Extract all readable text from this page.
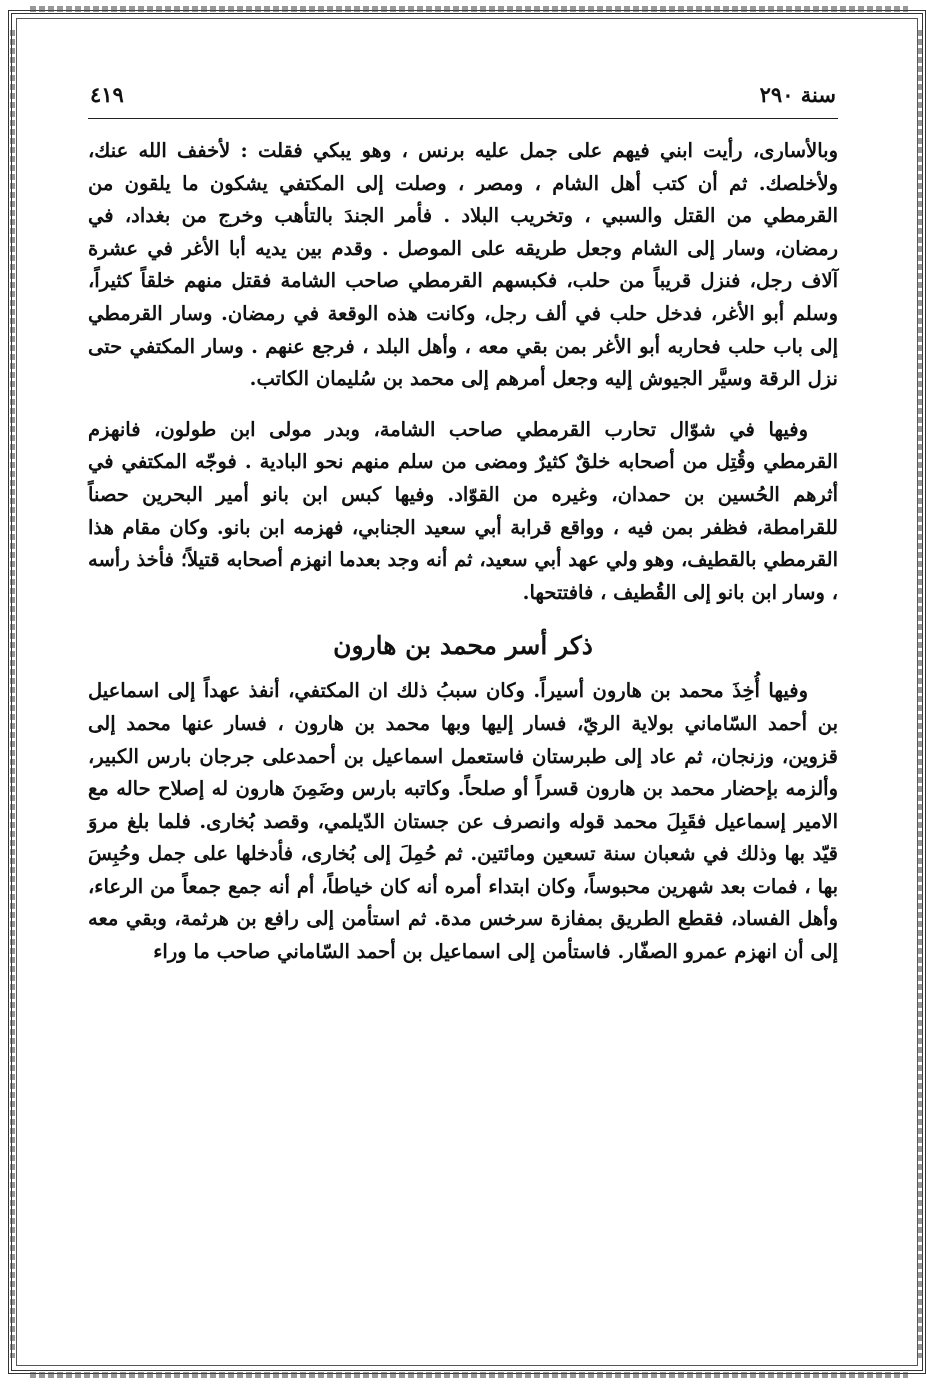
سنة ٢٩٠
٤١٩

وبالأسارى، رأيت ابني فيهم على جمل عليه برنس ، وهو يبكي فقلت : لأخفف الله عنك، ولأخلصك. ثم أن كتب أهل الشام ، ومصر ، وصلت إلى المكتفي يشكون ما يلقون من القرمطي من القتل والسبي ، وتخريب البلاد . فأمر الجندَ بالتأهب وخرج من بغداد، في رمضان، وسار إلى الشام وجعل طريقه على الموصل . وقدم بين يديه أبا الأغر في عشرة آلاف رجل، فنزل قريباً من حلب، فكبسهم القرمطي صاحب الشامة فقتل منهم خلقاً كثيراً، وسلم أبو الأغر، فدخل حلب في ألف رجل، وكانت هذه الوقعة في رمضان. وسار القرمطي إلى باب حلب فحاربه أبو الأغر بمن بقي معه ، وأهل البلد ، فرجع عنهم . وسار المكتفي حتى نزل الرقة وسيَّر الجيوش إليه وجعل أمرهم إلى محمد بن سُليمان الكاتب.

وفيها في شوّال تحارب القرمطي صاحب الشامة، وبدر مولى ابن طولون، فانهزم القرمطي وقُتِل من أصحابه خلقٌ كثيرٌ ومضى من سلم منهم نحو البادية . فوجّه المكتفي في أثرهم الحُسين بن حمدان، وغيره من القوّاد. وفيها كبس ابن بانو أمير البحرين حصناً للقرامطة، فظفر بمن فيه ، وواقع قرابة أبي سعيد الجنابي، فهزمه ابن بانو. وكان مقام هذا القرمطي بالقطيف، وهو ولي عهد أبي سعيد، ثم أنه وجد بعدما انهزم أصحابه قتيلاً؛ فأخذ رأسه ، وسار ابن بانو إلى القُطيف ، فافتتحها.

ذكر أسر محمد بن هارون

وفيها أُخِذَ محمد بن هارون أسيراً. وكان سببُ ذلك ان المكتفي، أنفذ عهداً إلى اسماعيل بن أحمد السّاماني بولاية الريّ، فسار إليها وبها محمد بن هارون ، فسار عنها محمد إلى قزوين، وزنجان، ثم عاد إلى طبرستان فاستعمل اسماعيل بن أحمدعلى جرجان بارس الكبير، وألزمه بإحضار محمد بن هارون قسراً أو صلحاً. وكاتبه بارس وضَمِنَ هارون له إصلاح حاله مع الامير إسماعيل فقَبِلَ محمد قوله وانصرف عن جستان الدّيلمي، وقصد بُخارى. فلما بلغ مروَ قيّد بها وذلك في شعبان سنة تسعين ومائتين. ثم حُمِلَ إلى بُخارى، فأدخلها على جمل وحُبِسَ بها ، فمات بعد شهرين محبوساً، وكان ابتداء أمره أنه كان خياطاً، أم أنه جمع جمعاً من الرعاء، وأهل الفساد، فقطع الطريق بمفازة سرخس مدة. ثم استأمن إلى رافع بن هرثمة، وبقي معه إلى أن انهزم عمرو الصفّار. فاستأمن إلى اسماعيل بن أحمد السّاماني صاحب ما وراء
